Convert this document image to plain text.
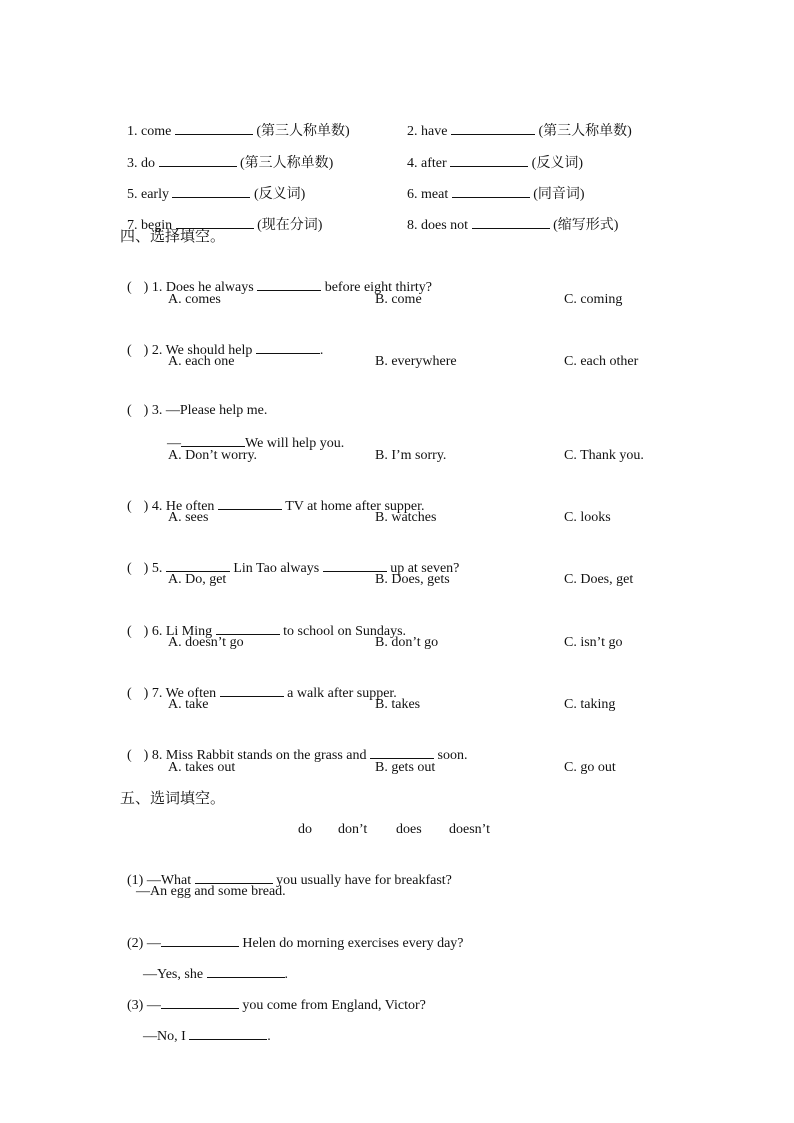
1. come	(第三人称单数)	2. have	(第三人称单数)

3. do	(第三人称单数)	4. after	(反义词)

5. early	(反义词)	6. meat	(同音词)

7. begin	(现在分词)	8. does not	(缩写形式)

四、选择填空。

( ) 1. Does he always	before eight thirty?

A. comes	B. come	C. coming

( ) 2. We should help	.

A. each one	B. everywhere	C. each other

( ) 3. —Please help me.

—	We will help you.

A. Don’t worry.	B. I’m sorry.	C. Thank you.

( ) 4. He often	TV at home after supper.

A. sees	B. watches	C. looks

( ) 5.	Lin Tao always	up at seven?

A. Do, get	B. Does, gets	C. Does, get

( ) 6. Li Ming	to school on Sundays.

A. doesn’t go	B. don’t go	C. isn’t go

( ) 7. We often	a walk after supper.

A. take	B. takes	C. taking

( ) 8. Miss Rabbit stands on the grass and	soon.

A. takes out	B. gets out	C. go out
五、选词填空。
do don’t does doesn’t

(1) —What	you usually have for breakfast?

—An egg and some bread.

(2) —	Helen do morning exercises every day?

—Yes, she	.

(3) —	you come from England, Victor?

—No, I	.
